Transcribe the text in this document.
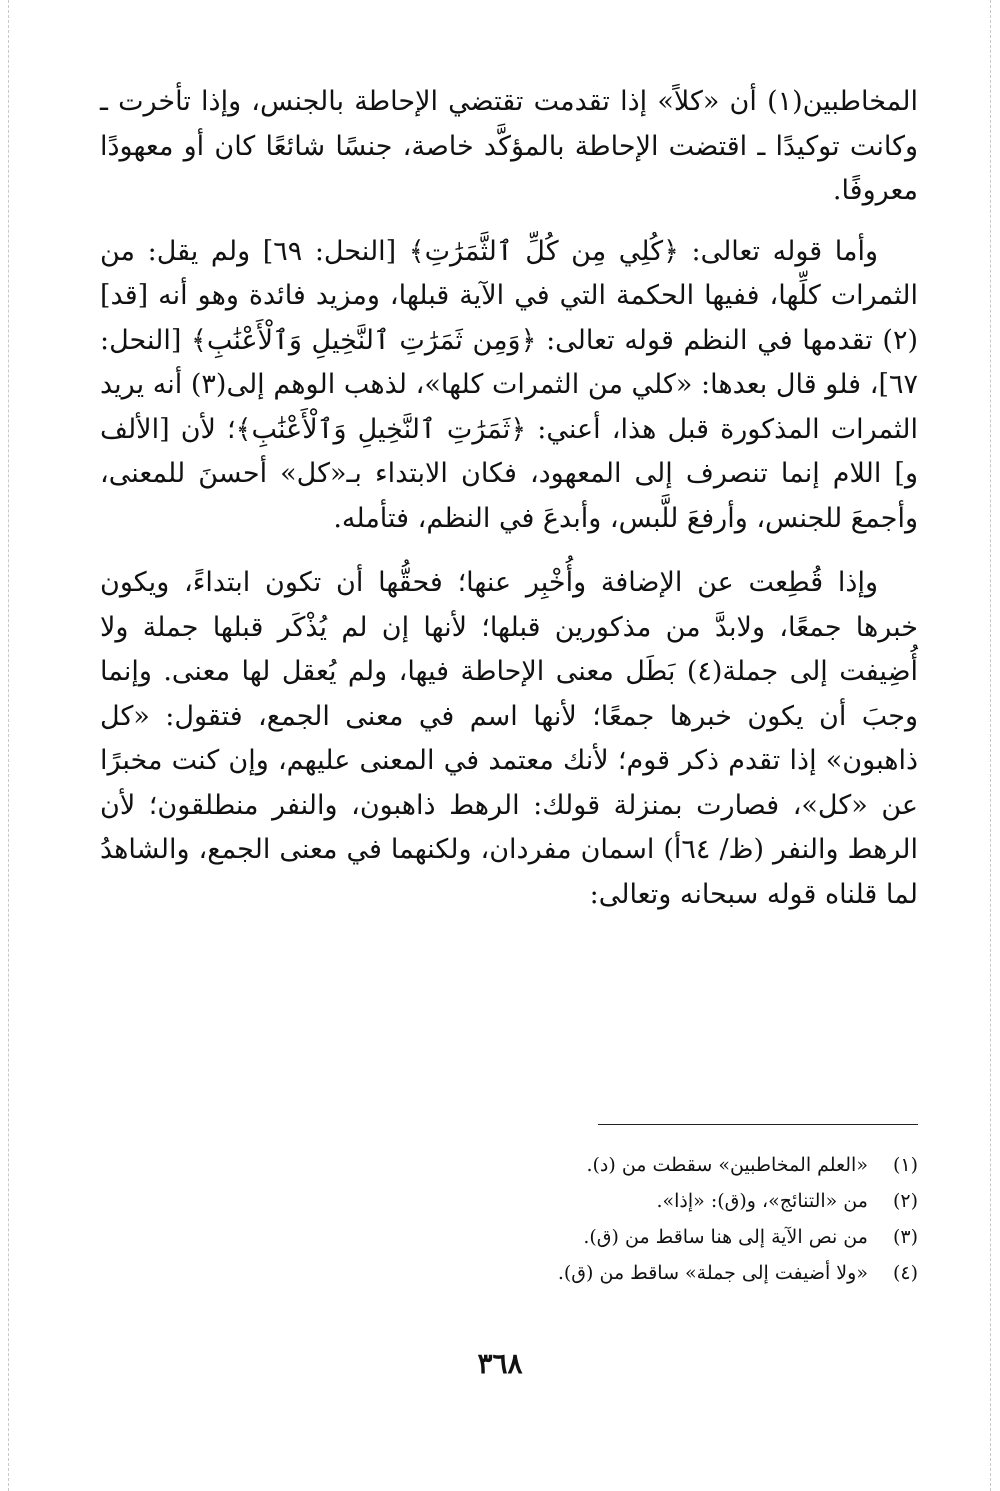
المخاطبين(١) أن «كلاً» إذا تقدمت تقتضي الإحاطة بالجنس، وإذا تأخرت ـ وكانت توكيدًا ـ اقتضت الإحاطة بالمؤكَّد خاصة، جنسًا شائعًا كان أو معهودًا معروفًا.

وأما قوله تعالى: ﴿كُلِي مِن كُلِّ ٱلثَّمَرَٰتِ﴾ [النحل: ٦٩] ولم يقل: من الثمرات كلِّها، ففيها الحكمة التي في الآية قبلها، ومزيد فائدة وهو أنه [قد](٢) تقدمها في النظم قوله تعالى: ﴿وَمِن ثَمَرَٰتِ ٱلنَّخِيلِ وَٱلْأَعْنَٰبِ﴾ [النحل: ٦٧]، فلو قال بعدها: «كلي من الثمرات كلها»، لذهب الوهم إلى(٣) أنه يريد الثمرات المذكورة قبل هذا، أعني: ﴿ثَمَرَٰتِ ٱلنَّخِيلِ وَٱلْأَعْنَٰبِ﴾؛ لأن [الألف و] اللام إنما تنصرف إلى المعهود، فكان الابتداء بـ«كل» أحسنَ للمعنى، وأجمعَ للجنس، وأرفعَ للَّبس، وأبدعَ في النظم، فتأمله.

وإذا قُطِعت عن الإضافة وأُخْبِر عنها؛ فحقُّها أن تكون ابتداءً، ويكون خبرها جمعًا، ولابدَّ من مذكورين قبلها؛ لأنها إن لم يُذْكَر قبلها جملة ولا أُضِيفت إلى جملة(٤) بَطَل معنى الإحاطة فيها، ولم يُعقل لها معنى. وإنما وجبَ أن يكون خبرها جمعًا؛ لأنها اسم في معنى الجمع، فتقول: «كل ذاهبون» إذا تقدم ذكر قوم؛ لأنك معتمد في المعنى عليهم، وإن كنت مخبرًا عن «كل»، فصارت بمنزلة قولك: الرهط ذاهبون، والنفر منطلقون؛ لأن الرهط والنفر (ظ/ ٦٤أ) اسمان مفردان، ولكنهما في معنى الجمع، والشاهدُ لما قلناه قوله سبحانه وتعالى:

(١) «العلم المخاطبين» سقطت من (د).
(٢) من «التنائج»، و(ق): «إذا».
(٣) من نص الآية إلى هنا ساقط من (ق).
(٤) «ولا أضيفت إلى جملة» ساقط من (ق).
٣٦٨
